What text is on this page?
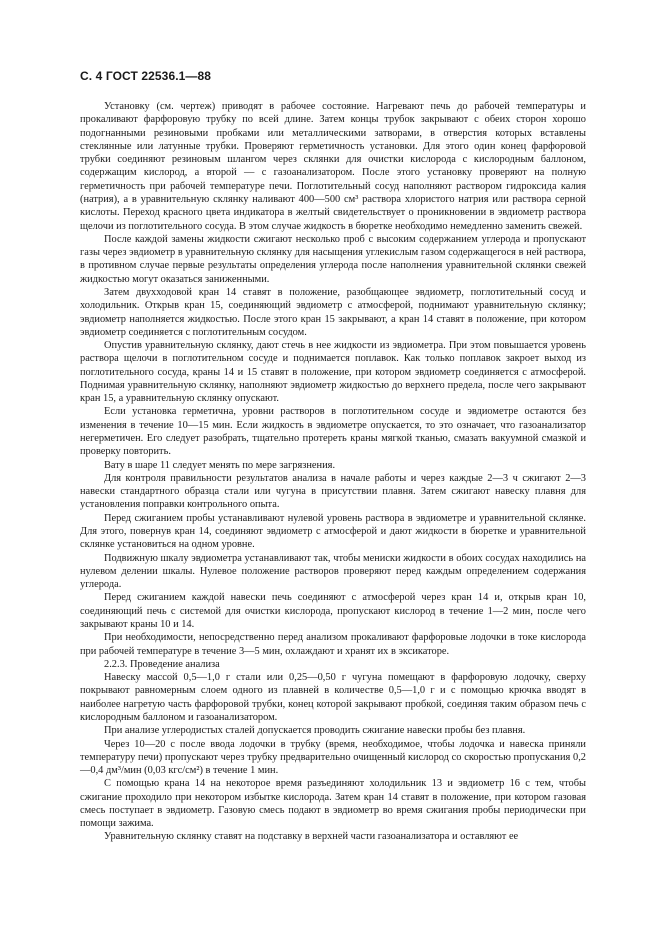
С. 4 ГОСТ 22536.1—88

Установку (см. чертеж) приводят в рабочее состояние. Нагревают печь до рабочей температуры и прокаливают фарфоровую трубку по всей длине. Затем концы трубок закрывают с обеих сторон хорошо подогнанными резиновыми пробками или металлическими затворами, в отверстия которых вставлены стеклянные или латунные трубки. Проверяют герметичность установки. Для этого один конец фарфоровой трубки соединяют резиновым шлангом через склянки для очистки кислорода с кислородным баллоном, содержащим кислород, а второй — с газоанализатором. После этого установку проверяют на полную герметичность при рабочей температуре печи. Поглотительный сосуд наполняют раствором гидроксида калия (натрия), а в уравнительную склянку наливают 400—500 см³ раствора хлористого натрия или раствора серной кислоты. Переход красного цвета индикатора в желтый свидетельствует о проникновении в эвдиометр раствора щелочи из поглотительного сосуда. В этом случае жидкость в бюретке необходимо немедленно заменить свежей.

После каждой замены жидкости сжигают несколько проб с высоким содержанием углерода и пропускают газы через эвдиометр в уравнительную склянку для насыщения углекислым газом содержащегося в ней раствора, в противном случае первые результаты определения углерода после наполнения уравнительной склянки свежей жидкостью могут оказаться заниженными.

Затем двухходовой кран 14 ставят в положение, разобщающее эвдиометр, поглотительный сосуд и холодильник. Открыв кран 15, соединяющий эвдиометр с атмосферой, поднимают уравнительную склянку; эвдиометр наполняется жидкостью. После этого кран 15 закрывают, а кран 14 ставят в положение, при котором эвдиометр соединяется с поглотительным сосудом.

Опустив уравнительную склянку, дают стечь в нее жидкости из эвдиометра. При этом повышается уровень раствора щелочи в поглотительном сосуде и поднимается поплавок. Как только поплавок закроет выход из поглотительного сосуда, краны 14 и 15 ставят в положение, при котором эвдиометр соединяется с атмосферой. Поднимая уравнительную склянку, наполняют эвдиометр жидкостью до верхнего предела, после чего закрывают кран 15, а уравнительную склянку опускают.

Если установка герметична, уровни растворов в поглотительном сосуде и эвдиометре остаются без изменения в течение 10—15 мин. Если жидкость в эвдиометре опускается, то это означает, что газоанализатор негерметичен. Его следует разобрать, тщательно протереть краны мягкой тканью, смазать вакуумной смазкой и проверку повторить.

Вату в шаре 11 следует менять по мере загрязнения.

Для контроля правильности результатов анализа в начале работы и через каждые 2—3 ч сжигают 2—3 навески стандартного образца стали или чугуна в присутствии плавня. Затем сжигают навеску плавня для установления поправки контрольного опыта.

Перед сжиганием пробы устанавливают нулевой уровень раствора в эвдиометре и уравнительной склянке. Для этого, повернув кран 14, соединяют эвдиометр с атмосферой и дают жидкости в бюретке и уравнительной склянке установиться на одном уровне.

Подвижную шкалу эвдиометра устанавливают так, чтобы мениски жидкости в обоих сосудах находились на нулевом делении шкалы. Нулевое положение растворов проверяют перед каждым определением содержания углерода.

Перед сжиганием каждой навески печь соединяют с атмосферой через кран 14 и, открыв кран 10, соединяющий печь с системой для очистки кислорода, пропускают кислород в течение 1—2 мин, после чего закрывают краны 10 и 14.

При необходимости, непосредственно перед анализом прокаливают фарфоровые лодочки в токе кислорода при рабочей температуре в течение 3—5 мин, охлаждают и хранят их в эксикаторе.

2.2.3. Проведение анализа

Навеску массой 0,5—1,0 г стали или 0,25—0,50 г чугуна помещают в фарфоровую лодочку, сверху покрывают равномерным слоем одного из плавней в количестве 0,5—1,0 г и с помощью крючка вводят в наиболее нагретую часть фарфоровой трубки, конец которой закрывают пробкой, соединяя таким образом печь с кислородным баллоном и газоанализатором.

При анализе углеродистых сталей допускается проводить сжигание навески пробы без плавня.

Через 10—20 с после ввода лодочки в трубку (время, необходимое, чтобы лодочка и навеска приняли температуру печи) пропускают через трубку предварительно очищенный кислород со скоростью пропускания 0,2—0,4 дм³/мин (0,03 кгс/см²) в течение 1 мин.

С помощью крана 14 на некоторое время разъединяют холодильник 13 и эвдиометр 16 с тем, чтобы сжигание проходило при некотором избытке кислорода. Затем кран 14 ставят в положение, при котором газовая смесь поступает в эвдиометр. Газовую смесь подают в эвдиометр во время сжигания пробы периодически при помощи зажима.

Уравнительную склянку ставят на подставку в верхней части газоанализатора и оставляют ее
